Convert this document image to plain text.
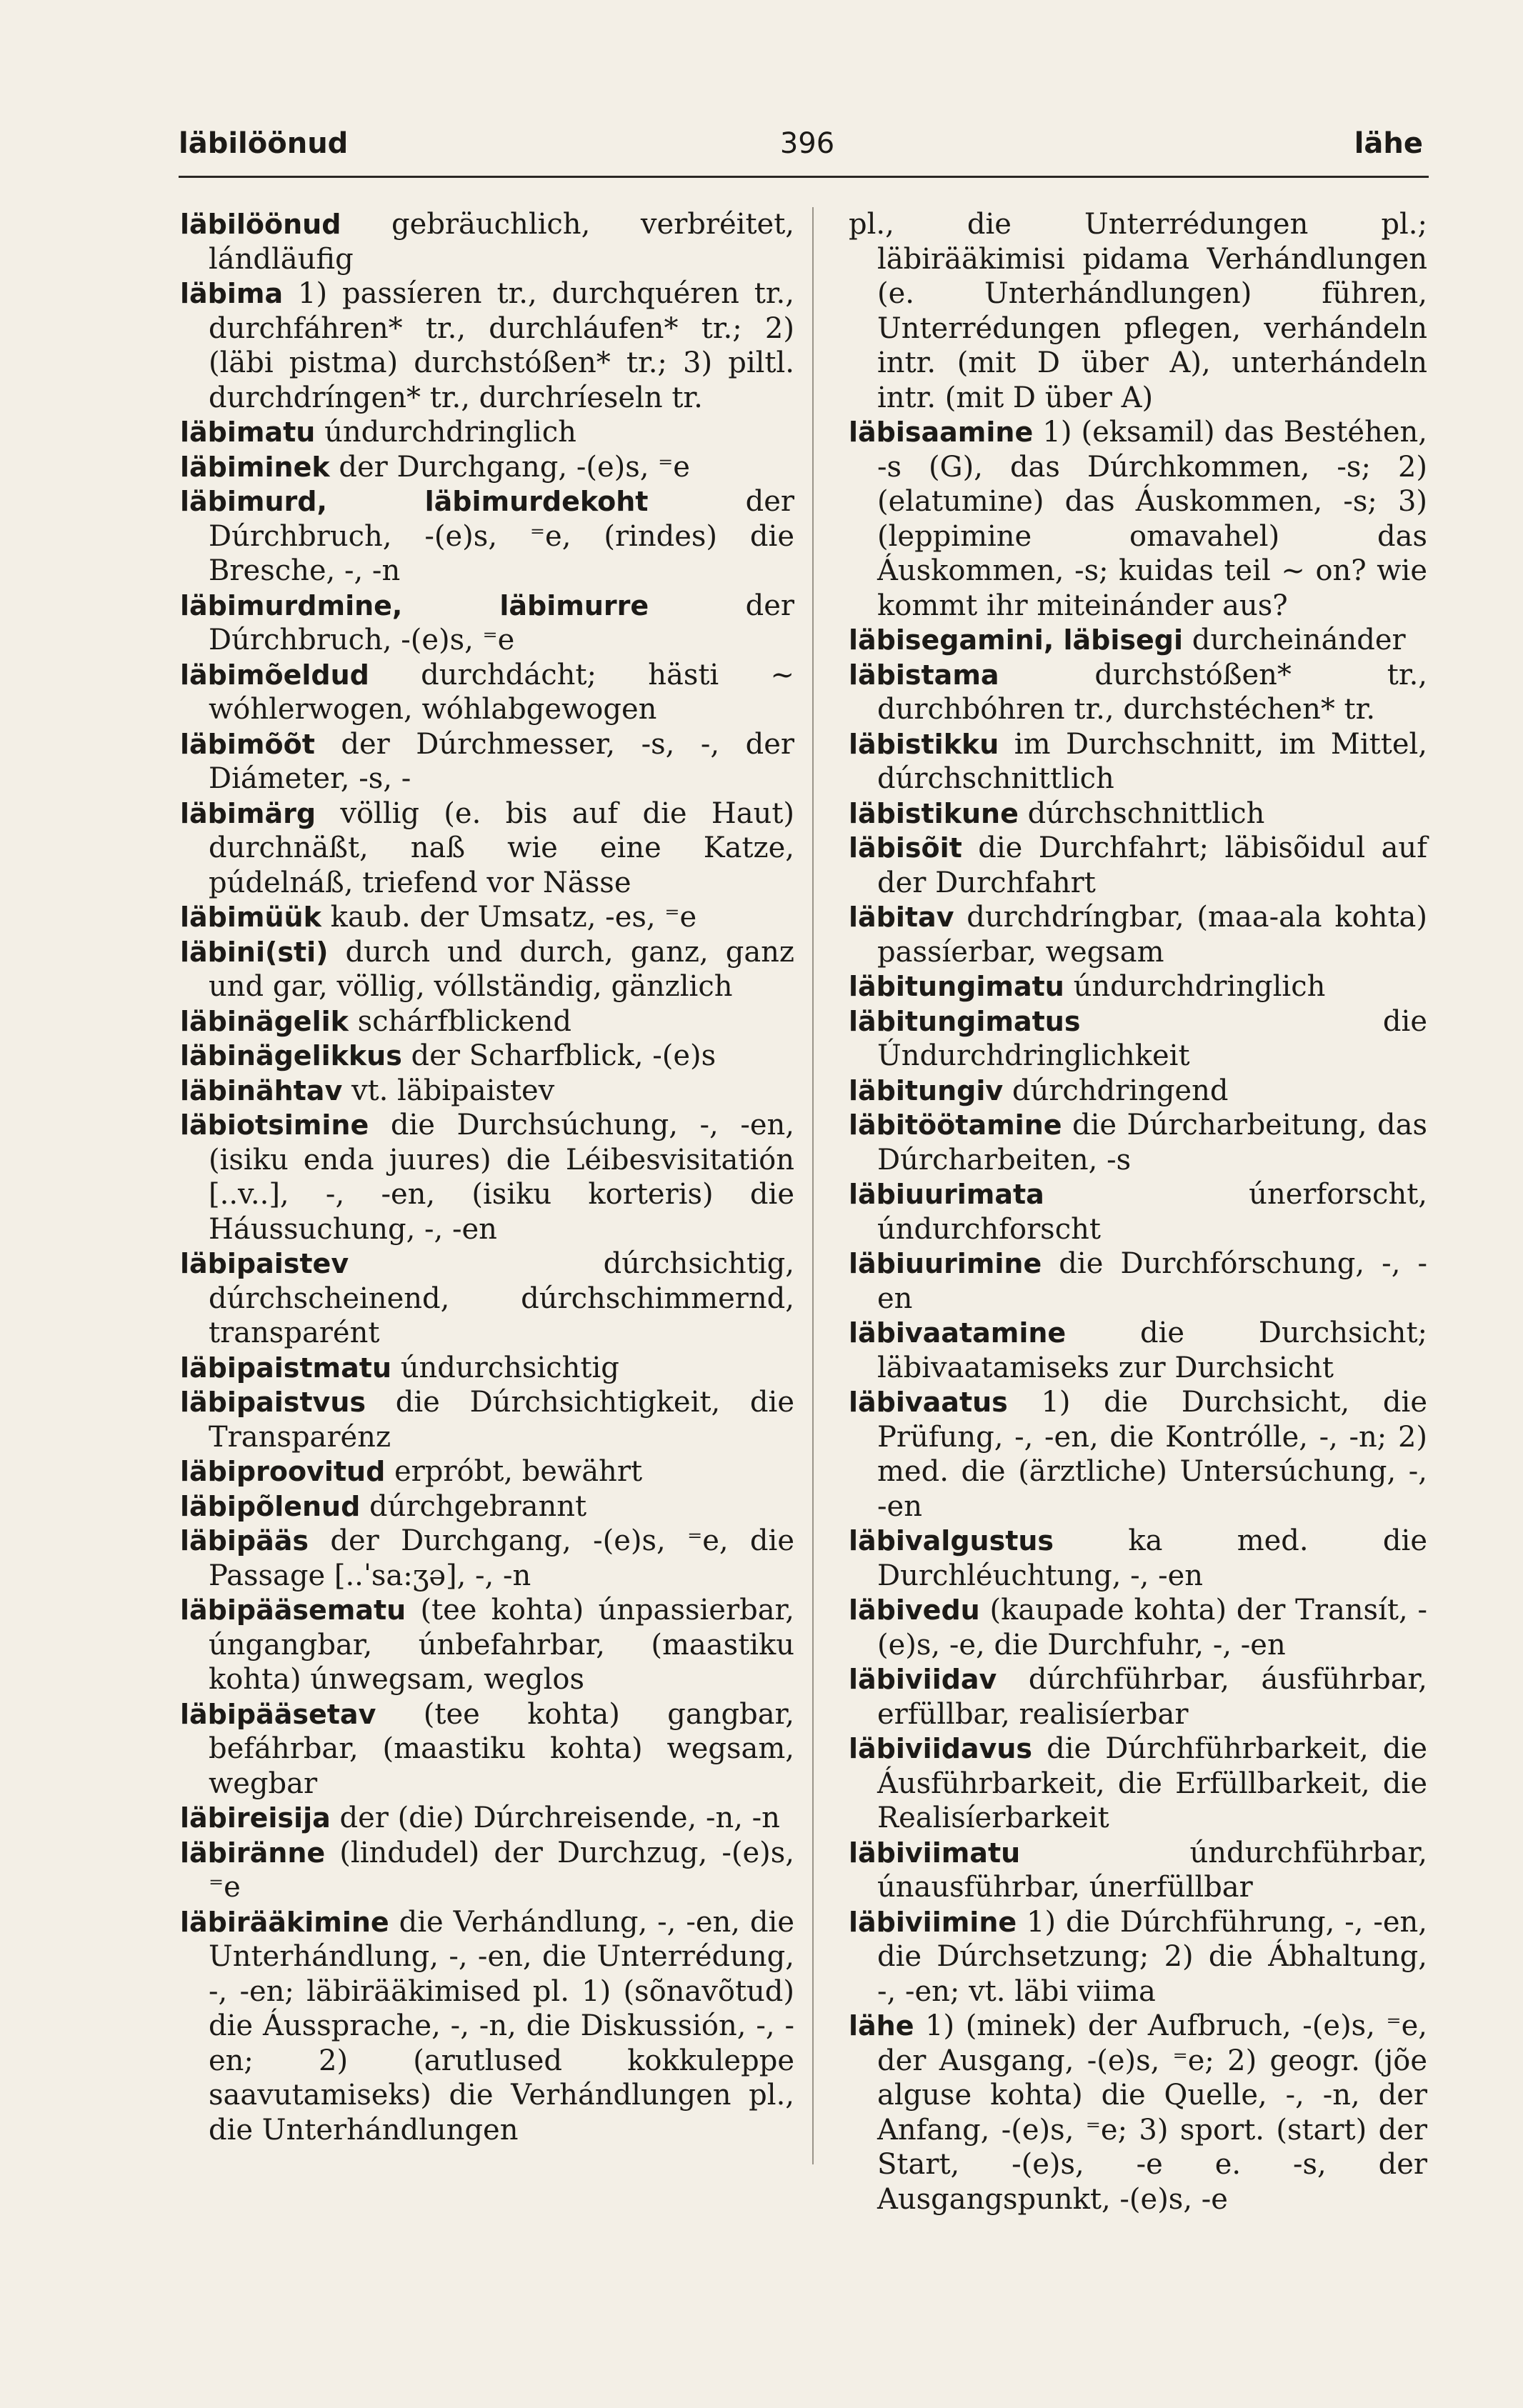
läbilöönud	396	lähe

läbilöönud gebräuchlich, verbréitet, lándläufig

läbima 1) passíeren tr., durchquéren tr., durchfáhren* tr., durchláufen* tr.; 2) (läbi pistma) durchstóßen* tr.; 3) piltl. durchdríngen* tr., durchríeseln tr.

läbimatu úndurchdringlich

läbiminek der Durchgang, -(e)s, ⁼e

läbimurd, läbimurdekoht der Dúrchbruch, -(e)s, ⁼e, (rindes) die Bresche, -, -n

läbimurdmine, läbimurre der Dúrchbruch, -(e)s, ⁼e

läbimõeldud durchdácht; hästi ~ wóhlerwogen, wóhlabgewogen

läbimõõt der Dúrchmesser, -s, -, der Diámeter, -s, -

läbimärg völlig (e. bis auf die Haut) durchnäßt, naß wie eine Katze, púdelnáß, triefend vor Nässe

läbimüük kaub. der Umsatz, -es, ⁼e

läbini(sti) durch und durch, ganz, ganz und gar, völlig, vóllständig, gänzlich

läbinägelik schárfblickend

läbinägelikkus der Scharfblick, -(e)s

läbinähtav vt. läbipaistev

läbiotsimine die Durchsúchung, -, -en, (isiku enda juures) die Léibesvisitatión [..v..], -, -en, (isiku korteris) die Háussuchung, -, -en

läbipaistev dúrchsichtig, dúrchscheinend, dúrchschimmernd, transparént

läbipaistmatu úndurchsichtig

läbipaistvus die Dúrchsichtigkeit, die Transparénz

läbiproovitud erpróbt, bewährt

läbipõlenud dúrchgebrannt

läbipääs der Durchgang, -(e)s, ⁼e, die Passage [..ˈsa:ʒə], -, -n

läbipääsematu (tee kohta) únpassierbar, úngangbar, únbefahrbar, (maastiku kohta) únwegsam, weglos

läbipääsetav (tee kohta) gangbar, befáhrbar, (maastiku kohta) wegsam, wegbar

läbireisija der (die) Dúrchreisende, -n, -n

läbiränne (lindudel) der Durchzug, -(e)s, ⁼e

läbirääkimine die Verhándlung, -, -en, die Unterhándlung, -, -en, die Unterrédung, -, -en; läbirääkimised pl. 1) (sõnavõtud) die Áussprache, -, -n, die Diskussión, -, -en; 2) (arutlused kokkuleppe saavutamiseks) die Verhándlungen pl., die Unterhándlungen

pl., die Unterrédungen pl.; läbirääkimisi pidama Verhándlungen (e. Unterhándlungen) führen, Unterrédungen pflegen, verhándeln intr. (mit D über A), unterhándeln intr. (mit D über A)

läbisaamine 1) (eksamil) das Bestéhen, -s (G), das Dúrchkommen, -s; 2) (elatumine) das Áuskommen, -s; 3) (leppimine omavahel) das Áuskommen, -s; kuidas teil ~ on? wie kommt ihr miteinánder aus?

läbisegamini, läbisegi durcheinánder

läbistama durchstóßen* tr., durchbóhren tr., durchstéchen* tr.

läbistikku im Durchschnitt, im Mittel, dúrchschnittlich

läbistikune dúrchschnittlich

läbisõit die Durchfahrt; läbisõidul auf der Durchfahrt

läbitav durchdríngbar, (maa-ala kohta) passíerbar, wegsam

läbitungimatu úndurchdringlich

läbitungimatus die Úndurchdringlichkeit

läbitungiv dúrchdringend

läbitöötamine die Dúrcharbeitung, das Dúrcharbeiten, -s

läbiuurimata únerforscht, úndurchforscht

läbiuurimine die Durchfórschung, -, -en

läbivaatamine die Durchsicht; läbivaatamiseks zur Durchsicht

läbivaatus 1) die Durchsicht, die Prüfung, -, -en, die Kontrólle, -, -n; 2) med. die (ärztliche) Untersúchung, -, -en

läbivalgustus ka med. die Durchléuchtung, -, -en

läbivedu (kaupade kohta) der Transít, -(e)s, -e, die Durchfuhr, -, -en

läbiviidav dúrchführbar, áusführbar, erfüllbar, realisíerbar

läbiviidavus die Dúrchführbarkeit, die Áusführbarkeit, die Erfüllbarkeit, die Realisíerbarkeit

läbiviimatu úndurchführbar, únausführbar, únerfüllbar

läbiviimine 1) die Dúrchführung, -, -en, die Dúrchsetzung; 2) die Ábhaltung, -, -en; vt. läbi viima

lähe 1) (minek) der Aufbruch, -(e)s, ⁼e, der Ausgang, -(e)s, ⁼e; 2) geogr. (jõe alguse kohta) die Quelle, -, -n, der Anfang, -(e)s, ⁼e; 3) sport. (start) der Start, -(e)s, -e e. -s, der Ausgangspunkt, -(e)s, -e
